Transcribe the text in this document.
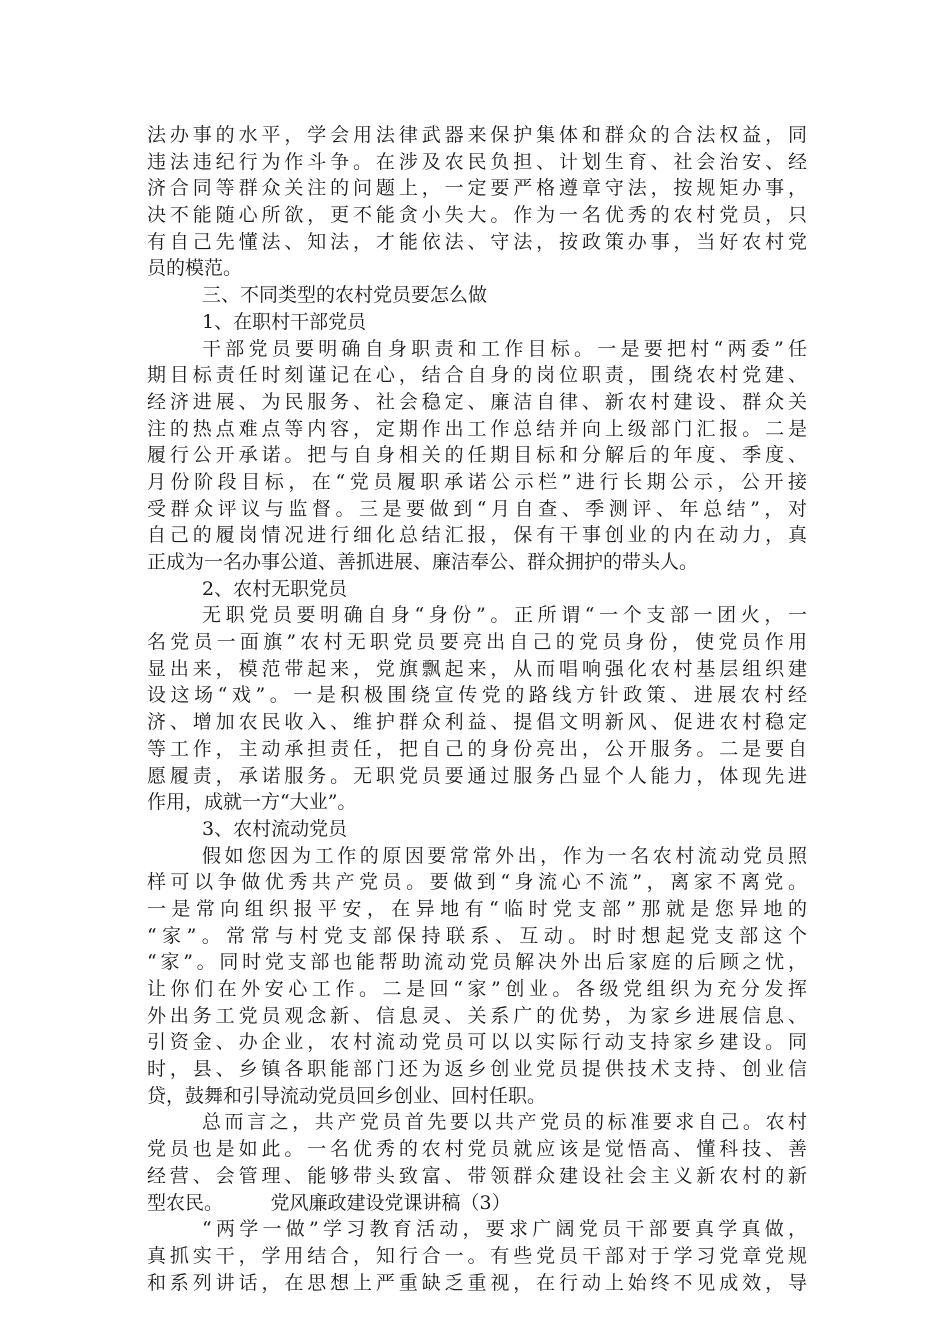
法办事的水平，学会用法律武器来保护集体和群众的合法权益，同
违法违纪行为作斗争。在涉及农民负担、计划生育、社会治安、经
济合同等群众关注的问题上，一定要严格遵章守法，按规矩办事，
决不能随心所欲，更不能贪小失大。作为一名优秀的农村党员，只
有自己先懂法、知法，才能依法、守法，按政策办事，当好农村党
员的模范。
三、不同类型的农村党员要怎么做
1、在职村干部党员
干部党员要明确自身职责和工作目标。一是要把村“两委”任
期目标责任时刻谨记在心，结合自身的岗位职责，围绕农村党建、
经济进展、为民服务、社会稳定、廉洁自律、新农村建设、群众关
注的热点难点等内容，定期作出工作总结并向上级部门汇报。二是
履行公开承诺。把与自身相关的任期目标和分解后的年度、季度、
月份阶段目标，在“党员履职承诺公示栏”进行长期公示，公开接
受群众评议与监督。三是要做到“月自查、季测评、年总结”，对
自己的履岗情况进行细化总结汇报，保有干事创业的内在动力，真
正成为一名办事公道、善抓进展、廉洁奉公、群众拥护的带头人。
2、农村无职党员
无职党员要明确自身“身份”。正所谓“一个支部一团火，一
名党员一面旗”农村无职党员要亮出自己的党员身份，使党员作用
显出来，模范带起来，党旗飘起来，从而唱响强化农村基层组织建
设这场“戏”。一是积极围绕宣传党的路线方针政策、进展农村经
济、增加农民收入、维护群众利益、提倡文明新风、促进农村稳定
等工作，主动承担责任，把自己的身份亮出，公开服务。二是要自
愿履责，承诺服务。无职党员要通过服务凸显个人能力，体现先进
作用，成就一方“大业”。
3、农村流动党员
假如您因为工作的原因要常常外出，作为一名农村流动党员照
样可以争做优秀共产党员。要做到“身流心不流”，离家不离党。
一是常向组织报平安，在异地有“临时党支部”那就是您异地的
“家”。常常与村党支部保持联系、互动。时时想起党支部这个
“家”。同时党支部也能帮助流动党员解决外出后家庭的后顾之忧，
让你们在外安心工作。二是回“家”创业。各级党组织为充分发挥
外出务工党员观念新、信息灵、关系广的优势，为家乡进展信息、
引资金、办企业，农村流动党员可以以实际行动支持家乡建设。同
时，县、乡镇各职能部门还为返乡创业党员提供技术支持、创业信
贷，鼓舞和引导流动党员回乡创业、回村任职。
总而言之，共产党员首先要以共产党员的标准要求自己。农村
党员也是如此。一名优秀的农村党员就应该是觉悟高、懂科技、善
经营、会管理、能够带头致富、带领群众建设社会主义新农村的新
型农民。　　　党风廉政建设党课讲稿（3）
“两学一做”学习教育活动，要求广阔党员干部要真学真做，
真抓实干，学用结合，知行合一。有些党员干部对于学习党章党规
和系列讲话，在思想上严重缺乏重视，在行动上始终不见成效，导
